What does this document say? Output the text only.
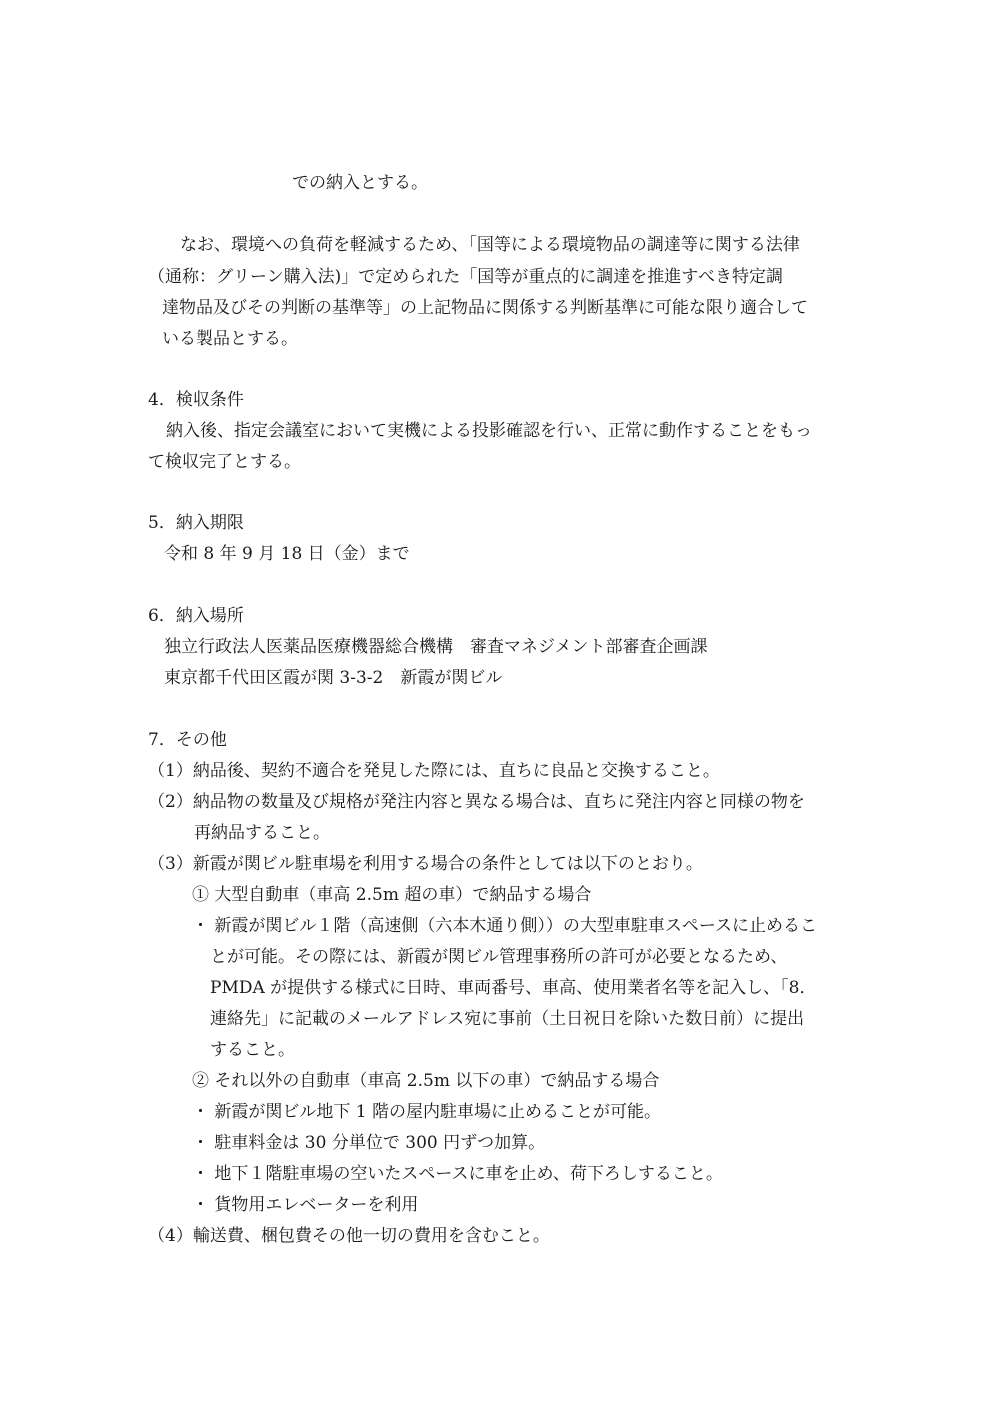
での納入とする。
なお、環境への負荷を軽減するため、「国等による環境物品の調達等に関する法律
（通称：グリーン購入法)」で定められた「国等が重点的に調達を推進すべき特定調
達物品及びその判断の基準等」の上記物品に関係する判断基準に可能な限り適合して
いる製品とする。
4．検収条件
納入後、指定会議室において実機による投影確認を行い、正常に動作することをもっ
て検収完了とする。
5．納入期限
令和 8 年 9 月 18 日（金）まで
6．納入場所
独立行政法人医薬品医療機器総合機構　審査マネジメント部審査企画課
東京都千代田区霞が関 3-3-2　新霞が関ビル
7．その他
（1）納品後、契約不適合を発見した際には、直ちに良品と交換すること。
（2）納品物の数量及び規格が発注内容と異なる場合は、直ちに発注内容と同様の物を
再納品すること。
（3）新霞が関ビル駐車場を利用する場合の条件としては以下のとおり。
① 大型自動車（車高 2.5m 超の車）で納品する場合
・ 新霞が関ビル１階（高速側（六本木通り側））の大型車駐車スペースに止めるこ
とが可能。その際には、新霞が関ビル管理事務所の許可が必要となるため、
PMDA が提供する様式に日時、車両番号、車高、使用業者名等を記入し、「8．
連絡先」に記載のメールアドレス宛に事前（土日祝日を除いた数日前）に提出
すること。
② それ以外の自動車（車高 2.5m 以下の車）で納品する場合
・ 新霞が関ビル地下 1 階の屋内駐車場に止めることが可能。
・ 駐車料金は 30 分単位で 300 円ずつ加算。
・ 地下１階駐車場の空いたスペースに車を止め、荷下ろしすること。
・ 貨物用エレベーターを利用
（4）輸送費、梱包費その他一切の費用を含むこと。
